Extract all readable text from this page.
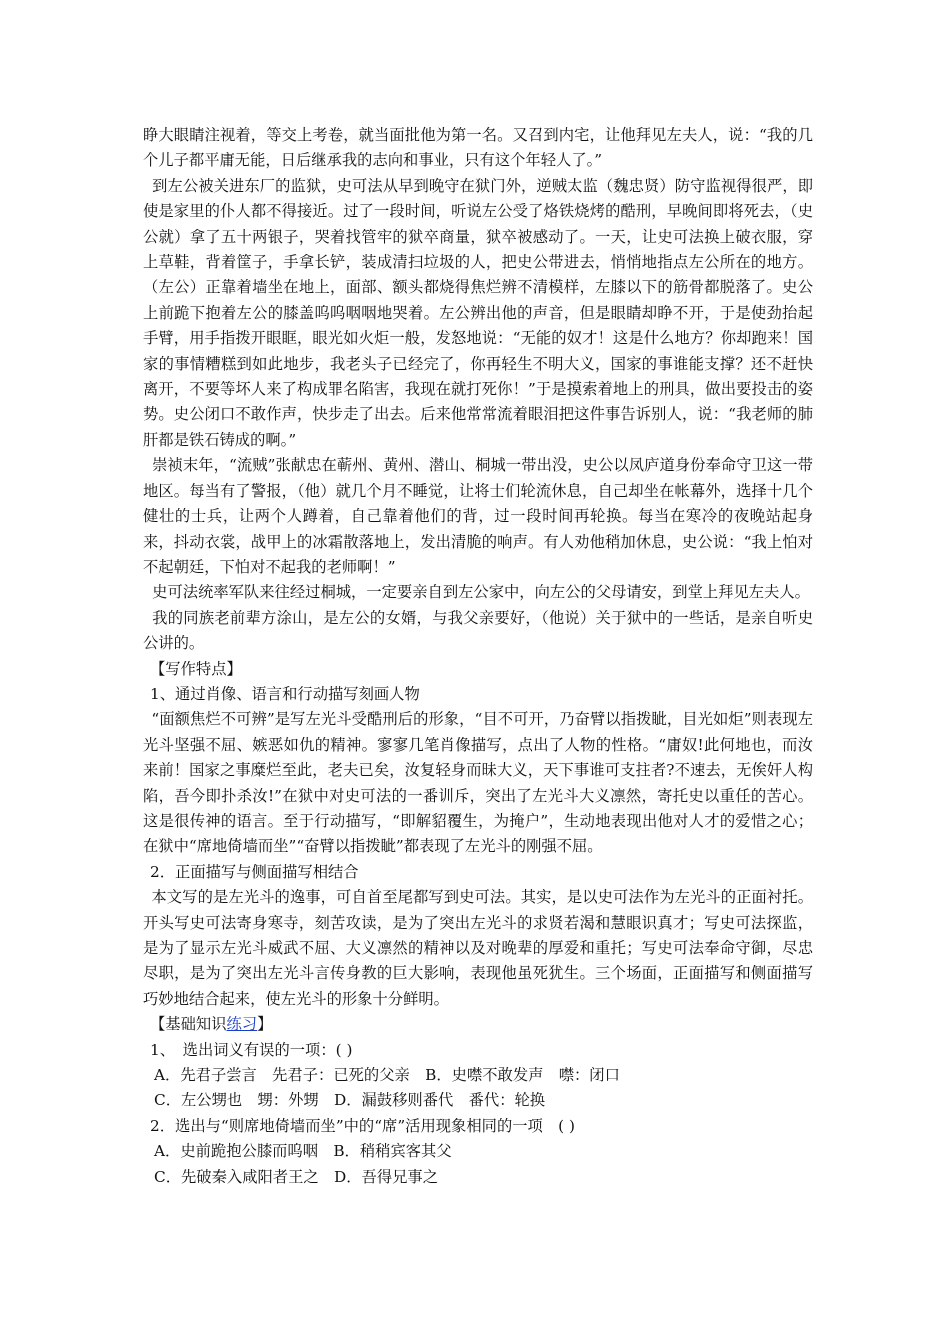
睁大眼睛注视着，等交上考卷，就当面批他为第一名。又召到内宅，让他拜见左夫人，说：“我的几个儿子都平庸无能，日后继承我的志向和事业，只有这个年轻人了。”

到左公被关进东厂的监狱，史可法从早到晚守在狱门外，逆贼太监（魏忠贤）防守监视得很严，即使是家里的仆人都不得接近。过了一段时间，听说左公受了烙铁烧烤的酷刑，早晚间即将死去，（史公就）拿了五十两银子，哭着找管牢的狱卒商量，狱卒被感动了。一天，让史可法换上破衣服，穿上草鞋，背着筐子，手拿长铲，装成清扫垃圾的人，把史公带进去，悄悄地指点左公所在的地方。（左公）正靠着墙坐在地上，面部、额头都烧得焦烂辨不清模样，左膝以下的筋骨都脱落了。史公上前跪下抱着左公的膝盖呜呜咽咽地哭着。左公辨出他的声音，但是眼睛却睁不开，于是使劲抬起手臂，用手指拨开眼眶，眼光如火炬一般，发怒地说：“无能的奴才！这是什么地方？你却跑来！国家的事情糟糕到如此地步，我老头子已经完了，你再轻生不明大义，国家的事谁能支撑？还不赶快离开，不要等坏人来了构成罪名陷害，我现在就打死你！”于是摸索着地上的刑具，做出要投击的姿势。史公闭口不敢作声，快步走了出去。后来他常常流着眼泪把这件事告诉别人，说：“我老师的肺肝都是铁石铸成的啊。”

崇祯末年，“流贼”张献忠在蕲州、黄州、潜山、桐城一带出没，史公以凤庐道身份奉命守卫这一带地区。每当有了警报，（他）就几个月不睡觉，让将士们轮流休息，自己却坐在帐幕外，选择十几个健壮的士兵，让两个人蹲着，自己靠着他们的背，过一段时间再轮换。每当在寒冷的夜晚站起身来，抖动衣裳，战甲上的冰霜散落地上，发出清脆的响声。有人劝他稍加休息，史公说：“我上怕对不起朝廷，下怕对不起我的老师啊！”

史可法统率军队来往经过桐城，一定要亲自到左公家中，向左公的父母请安，到堂上拜见左夫人。

我的同族老前辈方涂山，是左公的女婿，与我父亲要好，（他说）关于狱中的一些话，是亲自听史公讲的。

【写作特点】

1、通过肖像、语言和行动描写刻画人物

“面额焦烂不可辨”是写左光斗受酷刑后的形象，“目不可开，乃奋臂以指拨眦，目光如炬”则表现左光斗坚强不屈、嫉恶如仇的精神。寥寥几笔肖像描写，点出了人物的性格。“庸奴!此何地也，而汝来前！国家之事糜烂至此，老夫已矣，汝复轻身而昧大义，天下事谁可支拄者?不速去，无俟奸人构陷，吾今即扑杀汝!”在狱中对史可法的一番训斥，突出了左光斗大义凛然，寄托史以重任的苦心。这是很传神的语言。至于行动描写，“即解貂覆生，为掩户”，生动地表现出他对人才的爱惜之心；在狱中“席地倚墙而坐”“奋臂以指拨眦”都表现了左光斗的刚强不屈。

2．正面描写与侧面描写相结合

本文写的是左光斗的逸事，可自首至尾都写到史可法。其实，是以史可法作为左光斗的正面衬托。开头写史可法寄身寒寺，刻苦攻读，是为了突出左光斗的求贤若渴和慧眼识真才；写史可法探监，是为了显示左光斗威武不屈、大义凛然的精神以及对晚辈的厚爱和重托；写史可法奉命守御，尽忠尽职，是为了突出左光斗言传身教的巨大影响，表现他虽死犹生。三个场面，正面描写和侧面描写巧妙地结合起来，使左光斗的形象十分鲜明。

【基础知识练习】

1、　选出词义有误的一项：( )

A．先君子尝言　先君子：已死的父亲　B．史噤不敢发声　噤：闭口

C．左公甥也　甥：外甥　D．漏鼓移则番代　番代：轮换

2．选出与“则席地倚墙而坐”中的“席”活用现象相同的一项　( )

A．史前跪抱公膝而呜咽　B．稍稍宾客其父

C．先破秦入咸阳者王之　D．吾得兄事之
